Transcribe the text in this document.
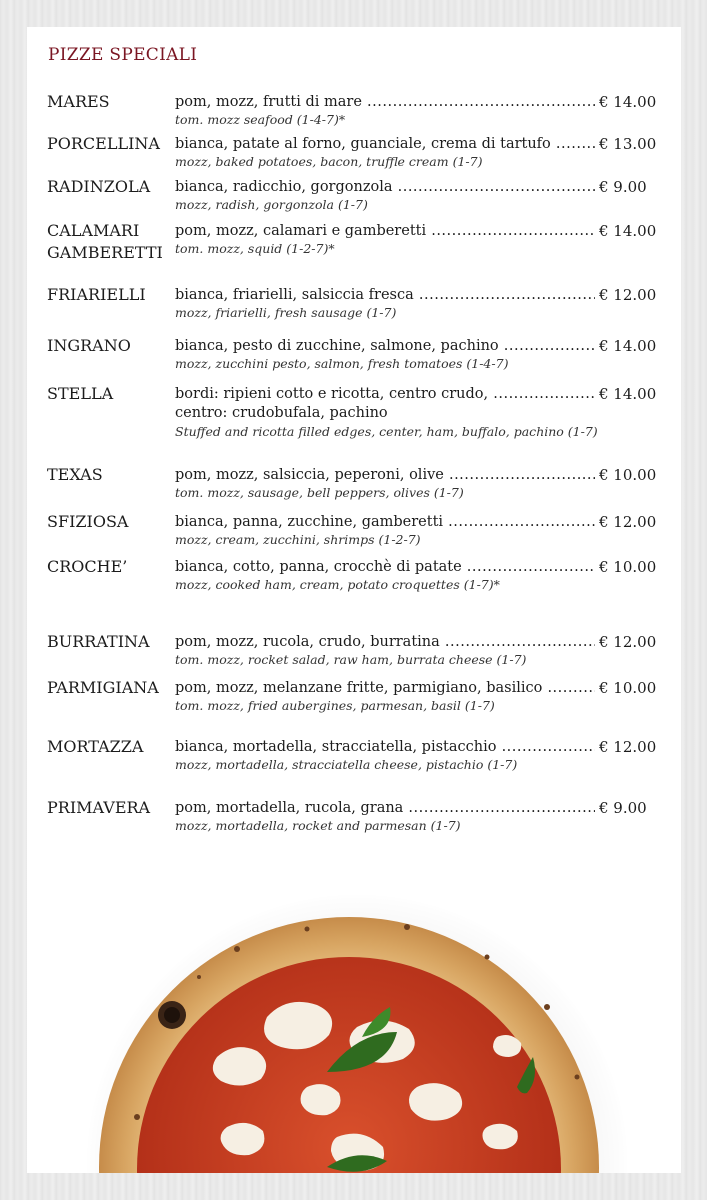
PIZZE SPECIALI
MARES	pom, mozz, frutti di mare .....	€ 14.00
tom. mozz seafood (1-4-7)*
PORCELLINA	bianca, patate al forno, guanciale, crema di tartufo .....	€ 13.00
mozz, baked potatoes, bacon, truffle cream (1-7)
RADINZOLA	bianca, radicchio, gorgonzola .....	€ 9.00
mozz, radish, gorgonzola (1-7)
CALAMARI GAMBERETTI
pom, mozz, calamari e gamberetti .....	€ 14.00
tom. mozz, squid (1-2-7)*
FRIARIELLI	bianca, friarielli, salsiccia fresca .....	€ 12.00
mozz, friarielli, fresh sausage (1-7)
INGRANO	bianca, pesto di zucchine, salmone, pachino .....	€ 14.00
mozz, zucchini pesto, salmon, fresh tomatoes (1-4-7)
STELLA	bordi: ripieni cotto e ricotta, centro crudo, .....	€ 14.00
centro: crudobufala, pachino
Stuffed and ricotta filled edges, center, ham, buffalo, pachino (1-7)
TEXAS	pom, mozz, salsiccia, peperoni, olive .....	€ 10.00
tom. mozz, sausage, bell peppers, olives (1-7)
SFIZIOSA	bianca, panna, zucchine, gamberetti .....	€ 12.00
mozz, cream, zucchini, shrimps (1-2-7)
CROCHE’	bianca, cotto, panna, crocchè di patate .....	€ 10.00
mozz, cooked ham, cream, potato croquettes (1-7)*
BURRATINA	pom, mozz, rucola, crudo, burratina .....	€ 12.00
tom. mozz, rocket salad, raw ham, burrata cheese (1-7)
PARMIGIANA	pom, mozz, melanzane fritte, parmigiano, basilico .....	€ 10.00
tom. mozz, fried aubergines, parmesan, basil (1-7)
MORTAZZA	bianca, mortadella, stracciatella, pistacchio .....	€ 12.00
mozz, mortadella, stracciatella cheese, pistachio (1-7)
PRIMAVERA	pom, mortadella, rucola, grana .....	€ 9.00
mozz, mortadella, rocket and parmesan (1-7)
